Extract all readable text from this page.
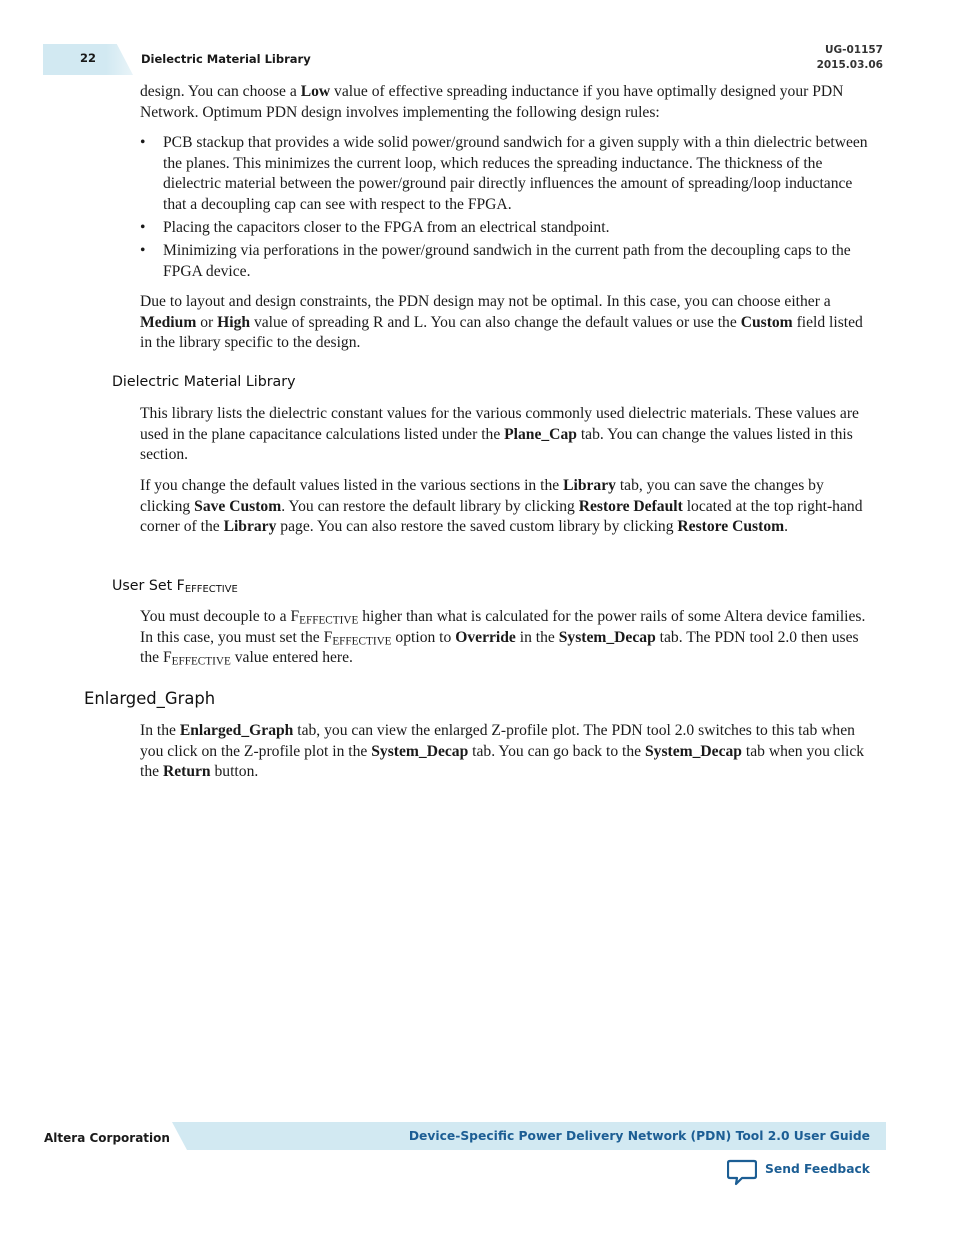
22	Dielectric Material Library
UG-01157
2015.03.06
design. You can choose a Low value of effective spreading inductance if you have optimally designed your PDN Network. Optimum PDN design involves implementing the following design rules:
• PCB stackup that provides a wide solid power/ground sandwich for a given supply with a thin dielectric between the planes. This minimizes the current loop, which reduces the spreading inductance. The thickness of the dielectric material between the power/ground pair directly influences the amount of spreading/loop inductance that a decoupling cap can see with respect to the FPGA.
• Placing the capacitors closer to the FPGA from an electrical standpoint.
• Minimizing via perforations in the power/ground sandwich in the current path from the decoupling caps to the FPGA device.
Due to layout and design constraints, the PDN design may not be optimal. In this case, you can choose either a Medium or High value of spreading R and L. You can also change the default values or use the Custom field listed in the library specific to the design.
Dielectric Material Library
This library lists the dielectric constant values for the various commonly used dielectric materials. These values are used in the plane capacitance calculations listed under the Plane_Cap tab. You can change the values listed in this section.
If you change the default values listed in the various sections in the Library tab, you can save the changes by clicking Save Custom. You can restore the default library by clicking Restore Default located at the top right-hand corner of the Library page. You can also restore the saved custom library by clicking Restore Custom.
User Set $F_{EFFECTIVE}$
You must decouple to a $F_{EFFECTIVE}$ higher than what is calculated for the power rails of some Altera device families. In this case, you must set the $F_{EFFECTIVE}$ option to Override in the System_Decap tab. The PDN tool 2.0 then uses the $F_{EFFECTIVE}$ value entered here.
Enlarged_Graph
In the Enlarged_Graph tab, you can view the enlarged Z-profile plot. The PDN tool 2.0 switches to this tab when you click on the Z-profile plot in the System_Decap tab. You can go back to the System_Decap tab when you click the Return button.
Altera Corporation	Device-Specific Power Delivery Network (PDN) Tool 2.0 User Guide
Send Feedback
